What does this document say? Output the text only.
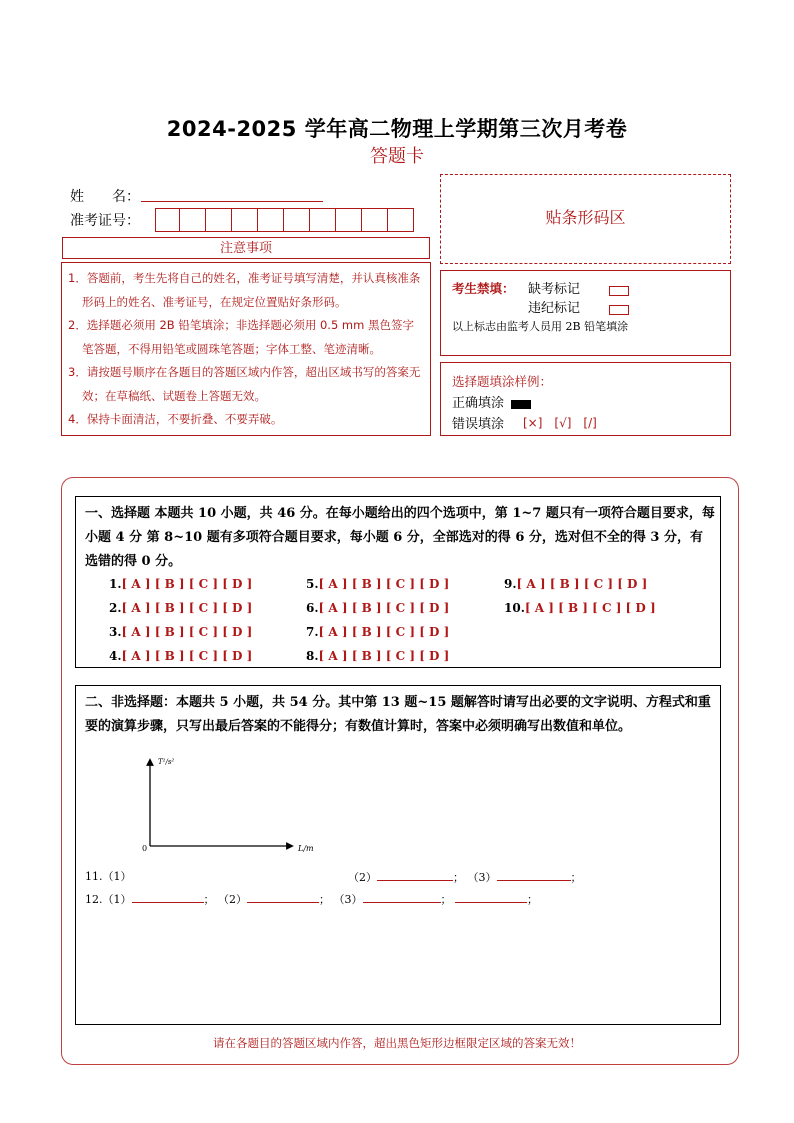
2024-2025 学年高二物理上学期第三次月考卷
答题卡
姓　　名：
准考证号：
注意事项
1．答题前，考生先将自己的姓名，准考证号填写清楚，并认真核准条形码上的姓名、准考证号，在规定位置贴好条形码。
2．选择题必须用 2B 铅笔填涂；非选择题必须用 0.5 mm 黑色签字笔答题，不得用铅笔或圆珠笔答题；字体工整、笔迹清晰。
3．请按题号顺序在各题目的答题区域内作答，超出区域书写的答案无效；在草稿纸、试题卷上答题无效。
4．保持卡面清洁，不要折叠、不要弄破。
贴条形码区
考生禁填： 缺考标记
违纪标记
以上标志由监考人员用 2B 铅笔填涂
选择题填涂样例：
正确填涂
错误填涂 [×]　[√]　[/]
一、选择题 本题共 10 小题，共 46 分。在每小题给出的四个选项中，第 1~7 题只有一项符合题目要求，每小题 4 分 第 8~10 题有多项符合题目要求，每小题 6 分，全部选对的得 6 分，选对但不全的得 3 分，有选错的得 0 分。
1.[ A ] [ B ] [ C ] [ D ]
2.[ A ] [ B ] [ C ] [ D ]
3.[ A ] [ B ] [ C ] [ D ]
4.[ A ] [ B ] [ C ] [ D ]
5.[ A ] [ B ] [ C ] [ D ]
6.[ A ] [ B ] [ C ] [ D ]
7.[ A ] [ B ] [ C ] [ D ]
8.[ A ] [ B ] [ C ] [ D ]
9.[ A ] [ B ] [ C ] [ D ]
10.[ A ] [ B ] [ C ] [ D ]
二、非选择题：本题共 5 小题，共 54 分。其中第 13 题~15 题解答时请写出必要的文字说明、方程式和重要的演算步骤，只写出最后答案的不能得分；有数值计算时，答案中必须明确写出数值和单位。
T²/s²
L/m
0
11.（1）	（2）	； （3）	；
12.（1）	； （2）	； （3）	；	；
请在各题目的答题区域内作答，超出黑色矩形边框限定区域的答案无效！
